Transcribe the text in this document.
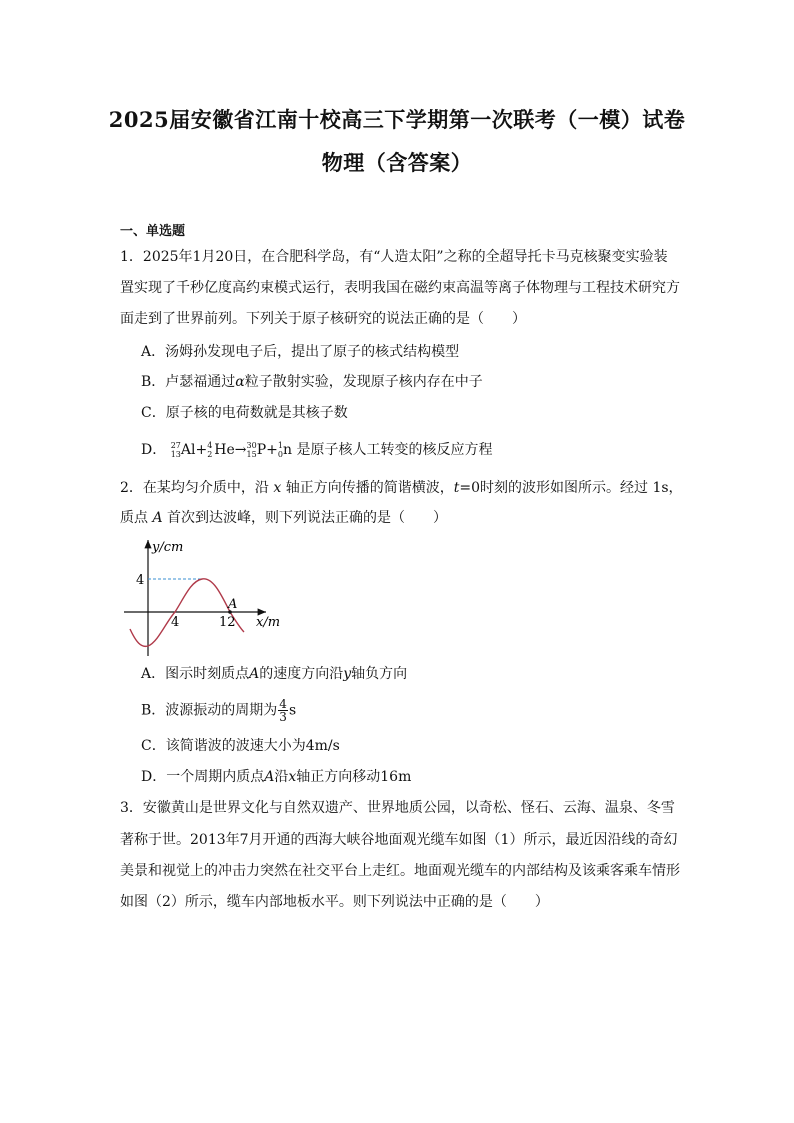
2025届安徽省江南十校高三下学期第一次联考（一模）试卷
物理（含答案）
一、单选题
1．2025年1月20日，在合肥科学岛，有“人造太阳”之称的全超导托卡马克核聚变实验装
置实现了千秒亿度高约束模式运行，表明我国在磁约束高温等离子体物理与工程技术研究方
面走到了世界前列。下列关于原子核研究的说法正确的是（　　）
A．汤姆孙发现电子后，提出了原子的核式结构模型
B．卢瑟福通过α粒子散射实验，发现原子核内存在中子
C．原子核的电荷数就是其核子数
D． 27
13 Al+ 4
2 He→ 30
15 P+ 1
0 n 是原子核人工转变的核反应方程
2．在某均匀介质中，沿 x 轴正方向传播的简谐横波，t=0时刻的波形如图所示。经过 1s，
质点 A 首次到达波峰，则下列说法正确的是（　　）
y/cm
4
4	12
A
x/m
A．图示时刻质点A的速度方向沿y轴负方向
B．波源振动的周期为 $\frac{4}{3}$ s
C．该简谐波的波速大小为4m/s
D．一个周期内质点A沿x轴正方向移动16m
3．安徽黄山是世界文化与自然双遗产、世界地质公园，以奇松、怪石、云海、温泉、冬雪
著称于世。2013年7月开通的西海大峡谷地面观光缆车如图（1）所示，最近因沿线的奇幻
美景和视觉上的冲击力突然在社交平台上走红。地面观光缆车的内部结构及该乘客乘车情形
如图（2）所示，缆车内部地板水平。则下列说法中正确的是（　　）
